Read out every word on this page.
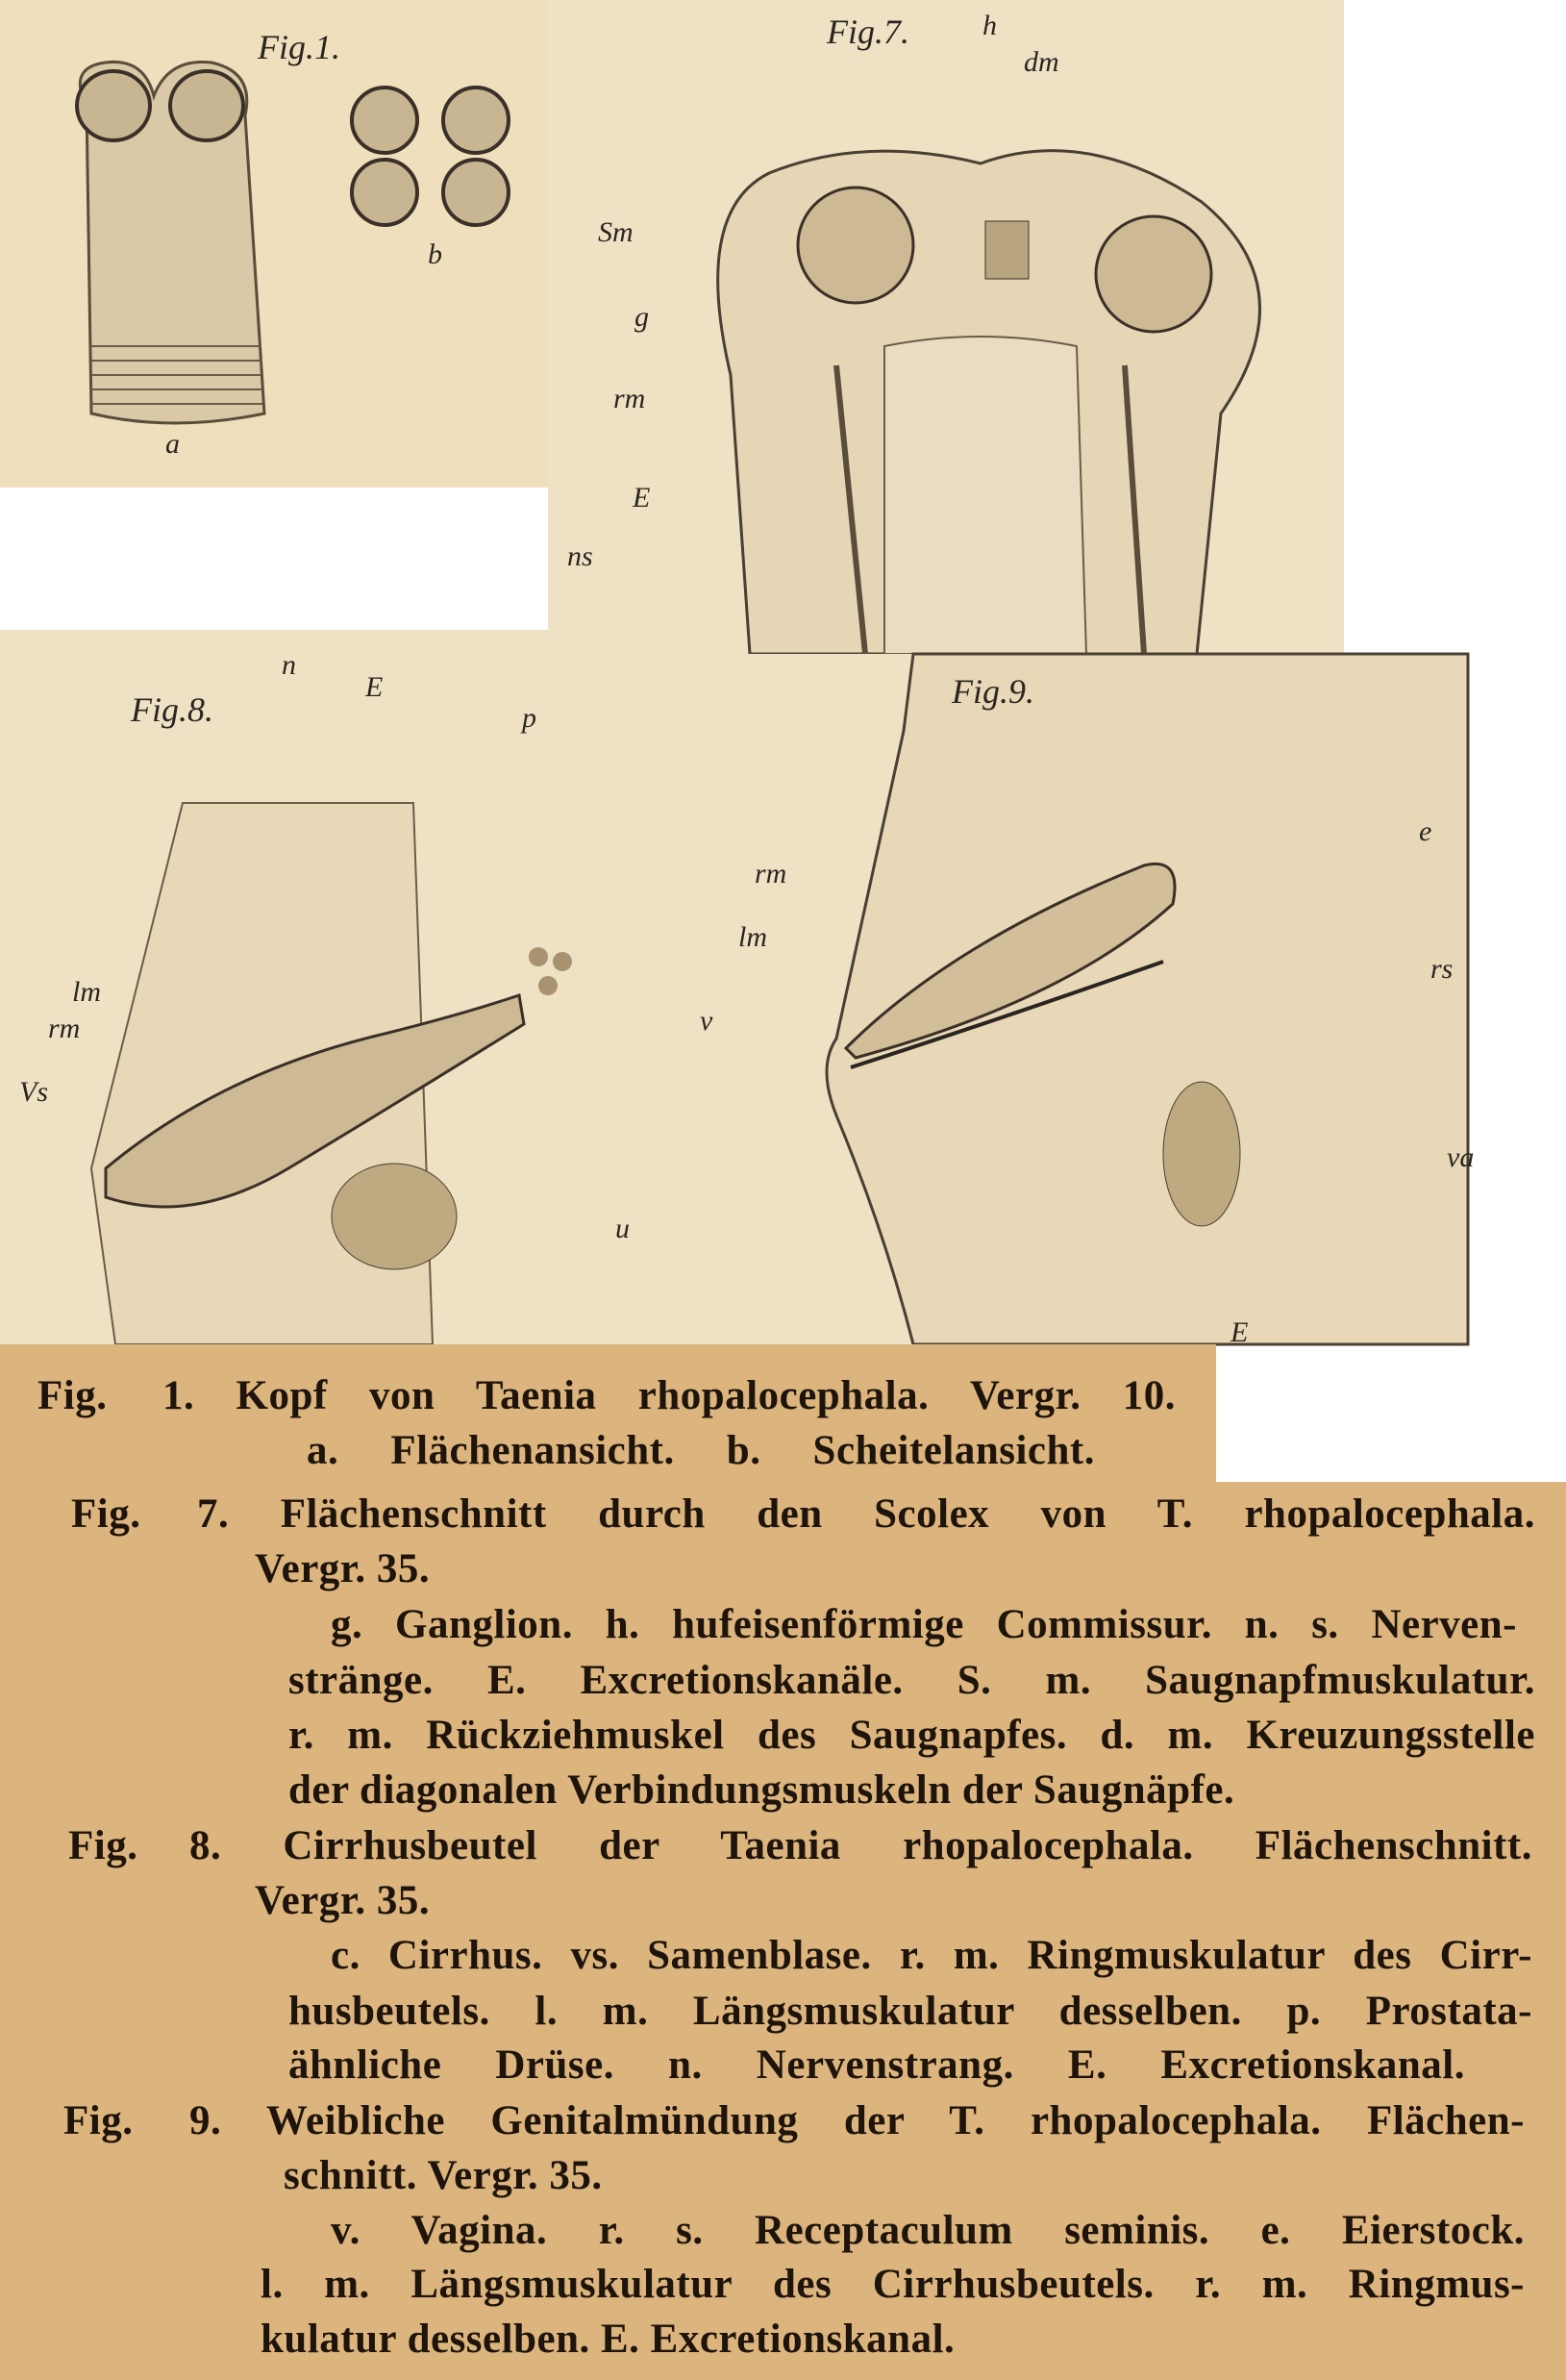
Fig.1.
a
b
Fig.7.	h
dm
Sm
g
rm
E
ns
Fig.8.
n
E
p
lm
rm
Vs
u
Fig.9.
rm
lm
v
e
rs
va
E
Fig. 1. Kopf von Taenia rhopalocephala. Vergr. 10.
a. Flächenansicht. b. Scheitelansicht.
Fig. 7. Flächenschnitt durch den Scolex von T. rhopalocephala.
Vergr. 35.
g. Ganglion. h. hufeisenförmige Commissur. n. s. Nerven-
stränge. E. Excretionskanäle. S. m. Saugnapfmuskulatur.
r. m. Rückziehmuskel des Saugnapfes. d. m. Kreuzungsstelle
der diagonalen Verbindungsmuskeln der Saugnäpfe.
Fig. 8. Cirrhusbeutel der Taenia rhopalocephala. Flächenschnitt.
Vergr. 35.
c. Cirrhus. vs. Samenblase. r. m. Ringmuskulatur des Cirr-
husbeutels. l. m. Längsmuskulatur desselben. p. Prostata-
ähnliche Drüse. n. Nervenstrang. E. Excretionskanal.
Fig. 9. Weibliche Genitalmündung der T. rhopalocephala. Flächen-
schnitt. Vergr. 35.
v. Vagina. r. s. Receptaculum seminis. e. Eierstock.
l. m. Längsmuskulatur des Cirrhusbeutels. r. m. Ringmus-
kulatur desselben. E. Excretionskanal.
